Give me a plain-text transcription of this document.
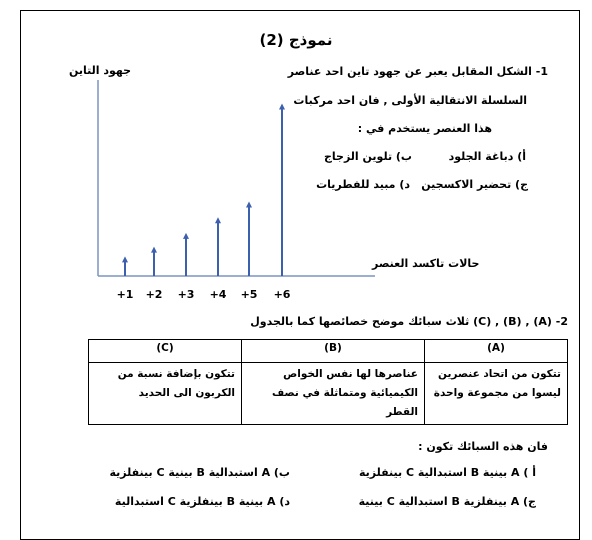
نموذج (2)
1- الشكل المقابل يعبر عن جهود تاين احد عناصر
السلسلة الانتقالية الأولى , فان احد مركبات
هذا العنصر يستخدم في :
أ) دباغة الجلود
ب) تلوين الزجاج
ج) تحضير الاكسجين
د) مبيد للفطريات
جهود التاين
حالات تاكسد العنصر
+1 +2 +3 +4 +5 +6
2- (A) , (B) , (C) ثلاث سبائك موضح خصائصها كما بالجدول
(A)	(B)	(C)
تتكون من اتحاد عنصرين ليسوا من مجموعة واحدة	عناصرها لها نفس الخواص الكيميائية ومتماثلة في نصف القطر	تتكون بإضافة نسبة من الكربون الى الحديد
فان هذه السبائك تكون :
أ ) A بينية B استبدالية C بينفلزية
ب) A استبدالية B بينية C بينفلزية
ج) A بينفلزية B استبدالية C بينية
د) A بينية B بينفلزية C استبدالية
